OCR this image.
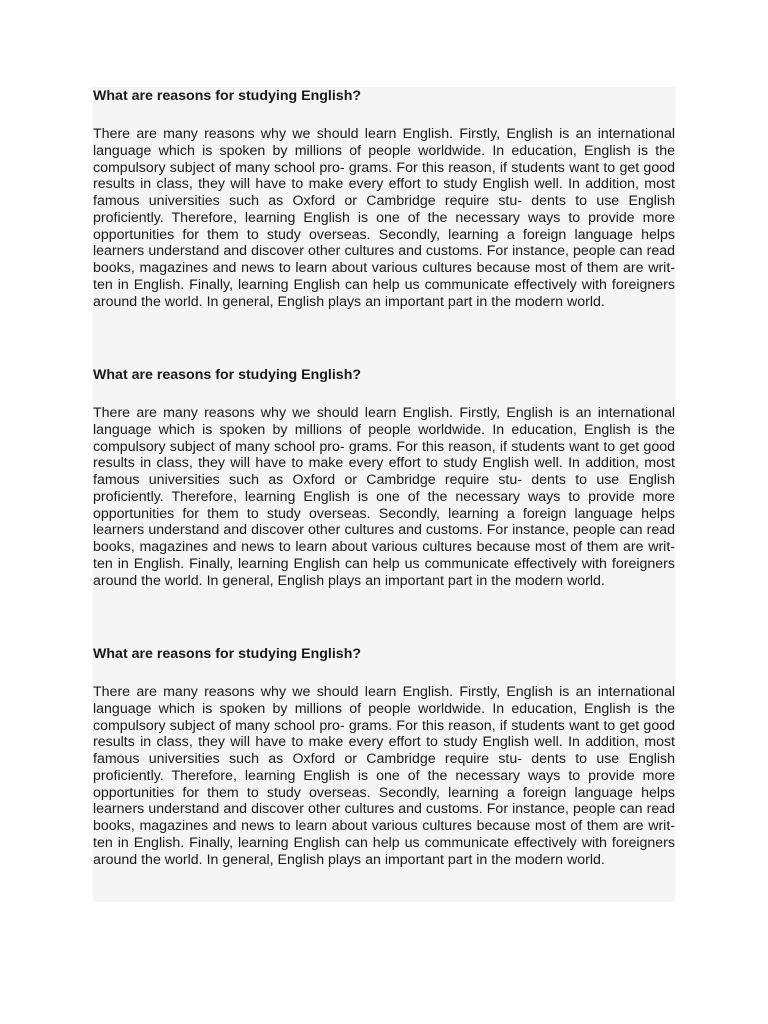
What are reasons for studying English?

There are many reasons why we should learn English. Firstly, English is an international language which is spoken by millions of people worldwide. In education, English is the compulsory subject of many school pro- grams. For this reason, if students want to get good results in class, they will have to make every effort to study English well. In addition, most famous universities such as Oxford or Cambridge require stu- dents to use English proficiently. Therefore, learning English is one of the necessary ways to provide more opportunities for them to study overseas. Secondly, learning a foreign language helps learners understand and discover other cultures and customs. For instance, people can read books, magazines and news to learn about various cultures because most of them are writ- ten in English. Finally, learning English can help us communicate effectively with foreigners around the world. In general, English plays an important part in the modern world.

What are reasons for studying English?

There are many reasons why we should learn English. Firstly, English is an international language which is spoken by millions of people worldwide. In education, English is the compulsory subject of many school pro- grams. For this reason, if students want to get good results in class, they will have to make every effort to study English well. In addition, most famous universities such as Oxford or Cambridge require stu- dents to use English proficiently. Therefore, learning English is one of the necessary ways to provide more opportunities for them to study overseas. Secondly, learning a foreign language helps learners understand and discover other cultures and customs. For instance, people can read books, magazines and news to learn about various cultures because most of them are writ- ten in English. Finally, learning English can help us communicate effectively with foreigners around the world. In general, English plays an important part in the modern world.

What are reasons for studying English?

There are many reasons why we should learn English. Firstly, English is an international language which is spoken by millions of people worldwide. In education, English is the compulsory subject of many school pro- grams. For this reason, if students want to get good results in class, they will have to make every effort to study English well. In addition, most famous universities such as Oxford or Cambridge require stu- dents to use English proficiently. Therefore, learning English is one of the necessary ways to provide more opportunities for them to study overseas. Secondly, learning a foreign language helps learners understand and discover other cultures and customs. For instance, people can read books, magazines and news to learn about various cultures because most of them are writ- ten in English. Finally, learning English can help us communicate effectively with foreigners around the world. In general, English plays an important part in the modern world.
